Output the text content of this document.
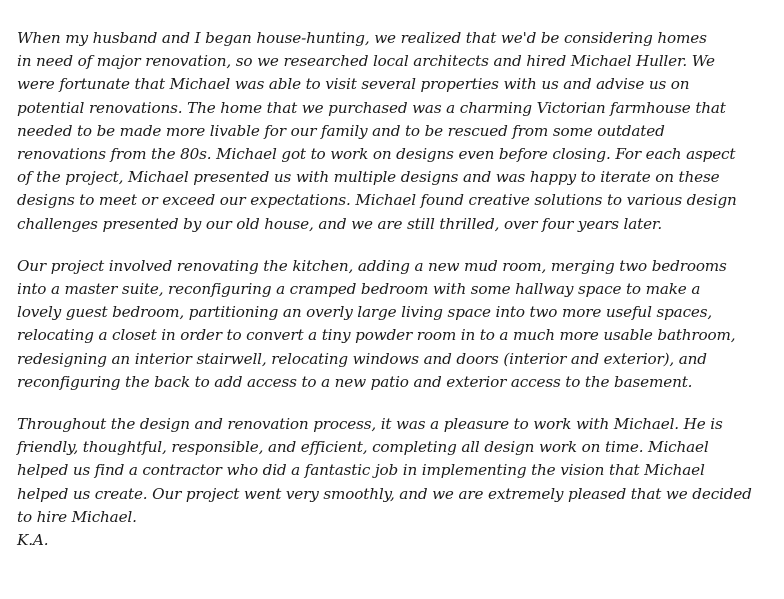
When my husband and I began house-hunting, we realized that we'd be considering homes
in need of major renovation, so we researched local architects and hired Michael Huller. We
were fortunate that Michael was able to visit several properties with us and advise us on
potential renovations. The home that we purchased was a charming Victorian farmhouse that
needed to be made more livable for our family and to be rescued from some outdated
renovations from the 80s. Michael got to work on designs even before closing. For each aspect
of the project, Michael presented us with multiple designs and was happy to iterate on these
designs to meet or exceed our expectations. Michael found creative solutions to various design
challenges presented by our old house, and we are still thrilled, over four years later.
Our project involved renovating the kitchen, adding a new mud room, merging two bedrooms
into a master suite, reconfiguring a cramped bedroom with some hallway space to make a
lovely guest bedroom, partitioning an overly large living space into two more useful spaces,
relocating a closet in order to convert a tiny powder room in to a much more usable bathroom,
redesigning an interior stairwell, relocating windows and doors (interior and exterior), and
reconfiguring the back to add access to a new patio and exterior access to the basement.
Throughout the design and renovation process, it was a pleasure to work with Michael. He is
friendly, thoughtful, responsible, and efficient, completing all design work on time. Michael
helped us find a contractor who did a fantastic job in implementing the vision that Michael
helped us create. Our project went very smoothly, and we are extremely pleased that we decided
to hire Michael.
K.A.
